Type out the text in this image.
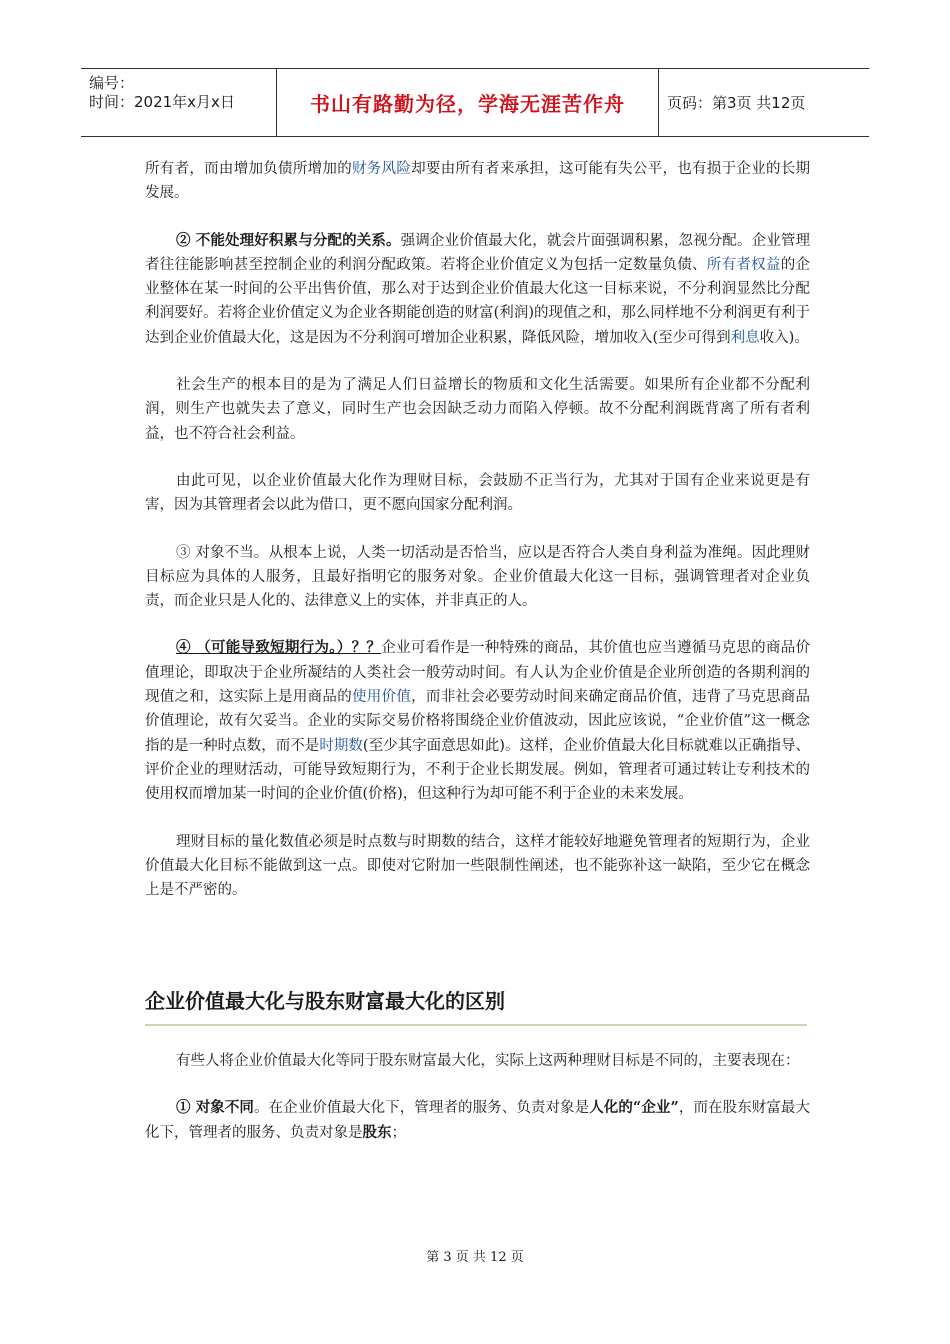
编号：
时间：2021年x月x日	书山有路勤为径，学海无涯苦作舟	页码：第3页 共12页

所有者，而由增加负债所增加的财务风险却要由所有者来承担，这可能有失公平，也有损于企业的长期发展。

② 不能处理好积累与分配的关系。强调企业价值最大化，就会片面强调积累，忽视分配。企业管理者往往能影响甚至控制企业的利润分配政策。若将企业价值定义为包括一定数量负债、所有者权益的企业整体在某一时间的公平出售价值，那么对于达到企业价值最大化这一目标来说，不分利润显然比分配利润要好。若将企业价值定义为企业各期能创造的财富(利润)的现值之和，那么同样地不分利润更有利于达到企业价值最大化，这是因为不分利润可增加企业积累，降低风险，增加收入(至少可得到利息收入)。

社会生产的根本目的是为了满足人们日益增长的物质和文化生活需要。如果所有企业都不分配利润，则生产也就失去了意义，同时生产也会因缺乏动力而陷入停顿。故不分配利润既背离了所有者利益，也不符合社会利益。

由此可见，以企业价值最大化作为理财目标，会鼓励不正当行为，尤其对于国有企业来说更是有害，因为其管理者会以此为借口，更不愿向国家分配利润。

③ 对象不当。从根本上说，人类一切活动是否恰当，应以是否符合人类自身利益为准绳。因此理财目标应为具体的人服务，且最好指明它的服务对象。企业价值最大化这一目标，强调管理者对企业负责，而企业只是人化的、法律意义上的实体，并非真正的人。

④ （可能导致短期行为。）？？企业可看作是一种特殊的商品，其价值也应当遵循马克思的商品价值理论，即取决于企业所凝结的人类社会一般劳动时间。有人认为企业价值是企业所创造的各期利润的现值之和，这实际上是用商品的使用价值，而非社会必要劳动时间来确定商品价值，违背了马克思商品价值理论，故有欠妥当。企业的实际交易价格将围绕企业价值波动，因此应该说，“企业价值”这一概念指的是一种时点数，而不是时期数(至少其字面意思如此)。这样，企业价值最大化目标就难以正确指导、评价企业的理财活动，可能导致短期行为，不利于企业长期发展。例如，管理者可通过转让专利技术的使用权而增加某一时间的企业价值(价格)，但这种行为却可能不利于企业的未来发展。

理财目标的量化数值必须是时点数与时期数的结合，这样才能较好地避免管理者的短期行为，企业价值最大化目标不能做到这一点。即使对它附加一些限制性阐述，也不能弥补这一缺陷，至少它在概念上是不严密的。

企业价值最大化与股东财富最大化的区别

有些人将企业价值最大化等同于股东财富最大化，实际上这两种理财目标是不同的，主要表现在：

① 对象不同。在企业价值最大化下，管理者的服务、负责对象是人化的“企业”，而在股东财富最大化下，管理者的服务、负责对象是股东；

第 3 页 共 12 页
